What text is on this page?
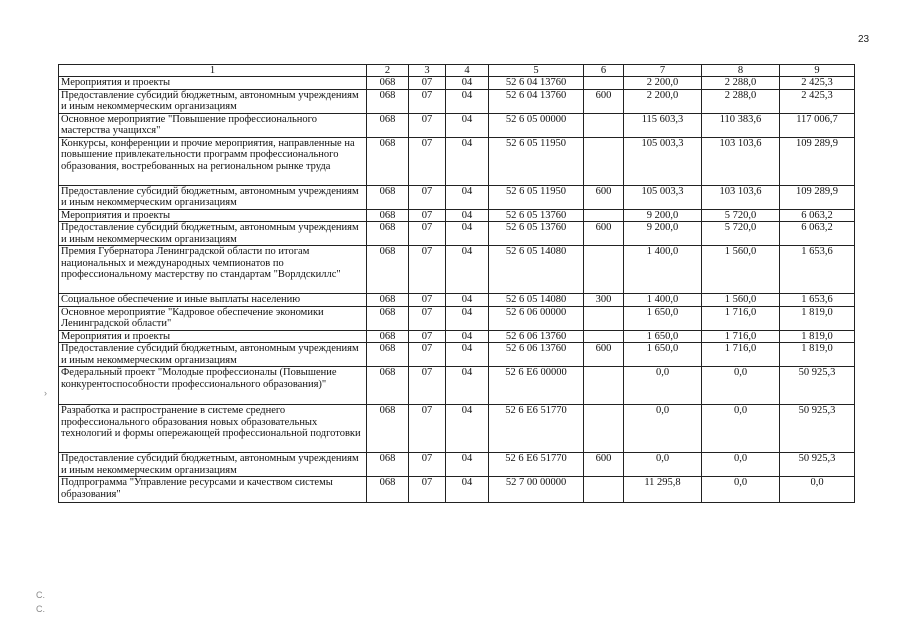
23
›
С.
С.
1	2	3	4	5	6	7	8	9
Мероприятия и проекты	068	07	04	52 6 04 13760		2 200,0	2 288,0	2 425,3
Предоставление субсидий бюджетным, автономным учреждениям и иным некоммерческим организациям	068	07	04	52 6 04 13760	600	2 200,0	2 288,0	2 425,3
Основное мероприятие "Повышение профессионального мастерства учащихся"	068	07	04	52 6 05 00000		115 603,3	110 383,6	117 006,7
Конкурсы, конференции и прочие мероприятия, направленные на повышение привлекательности программ профессионального образования, востребованных на региональном рынке труда	068	07	04	52 6 05 11950		105 003,3	103 103,6	109 289,9
Предоставление субсидий бюджетным, автономным учреждениям и иным некоммерческим организациям	068	07	04	52 6 05 11950	600	105 003,3	103 103,6	109 289,9
Мероприятия и проекты	068	07	04	52 6 05 13760		9 200,0	5 720,0	6 063,2
Предоставление субсидий бюджетным, автономным учреждениям и иным некоммерческим организациям	068	07	04	52 6 05 13760	600	9 200,0	5 720,0	6 063,2
Премия Губернатора Ленинградской области по итогам национальных и международных чемпионатов по профессиональному мастерству по стандартам "Ворлдскиллс"	068	07	04	52 6 05 14080		1 400,0	1 560,0	1 653,6
Социальное обеспечение и иные выплаты населению	068	07	04	52 6 05 14080	300	1 400,0	1 560,0	1 653,6
Основное мероприятие "Кадровое обеспечение экономики Ленинградской области"	068	07	04	52 6 06 00000		1 650,0	1 716,0	1 819,0
Мероприятия и проекты	068	07	04	52 6 06 13760		1 650,0	1 716,0	1 819,0
Предоставление субсидий бюджетным, автономным учреждениям и иным некоммерческим организациям	068	07	04	52 6 06 13760	600	1 650,0	1 716,0	1 819,0
Федеральный проект "Молодые профессионалы (Повышение конкурентоспособности профессионального образования)"	068	07	04	52 6 E6 00000		0,0	0,0	50 925,3
Разработка и распространение в системе среднего профессионального образования новых образовательных технологий и формы опережающей профессиональной подготовки	068	07	04	52 6 E6 51770		0,0	0,0	50 925,3
Предоставление субсидий бюджетным, автономным учреждениям и иным некоммерческим организациям	068	07	04	52 6 E6 51770	600	0,0	0,0	50 925,3
Подпрограмма "Управление ресурсами и качеством системы образования"	068	07	04	52 7 00 00000		11 295,8	0,0	0,0
